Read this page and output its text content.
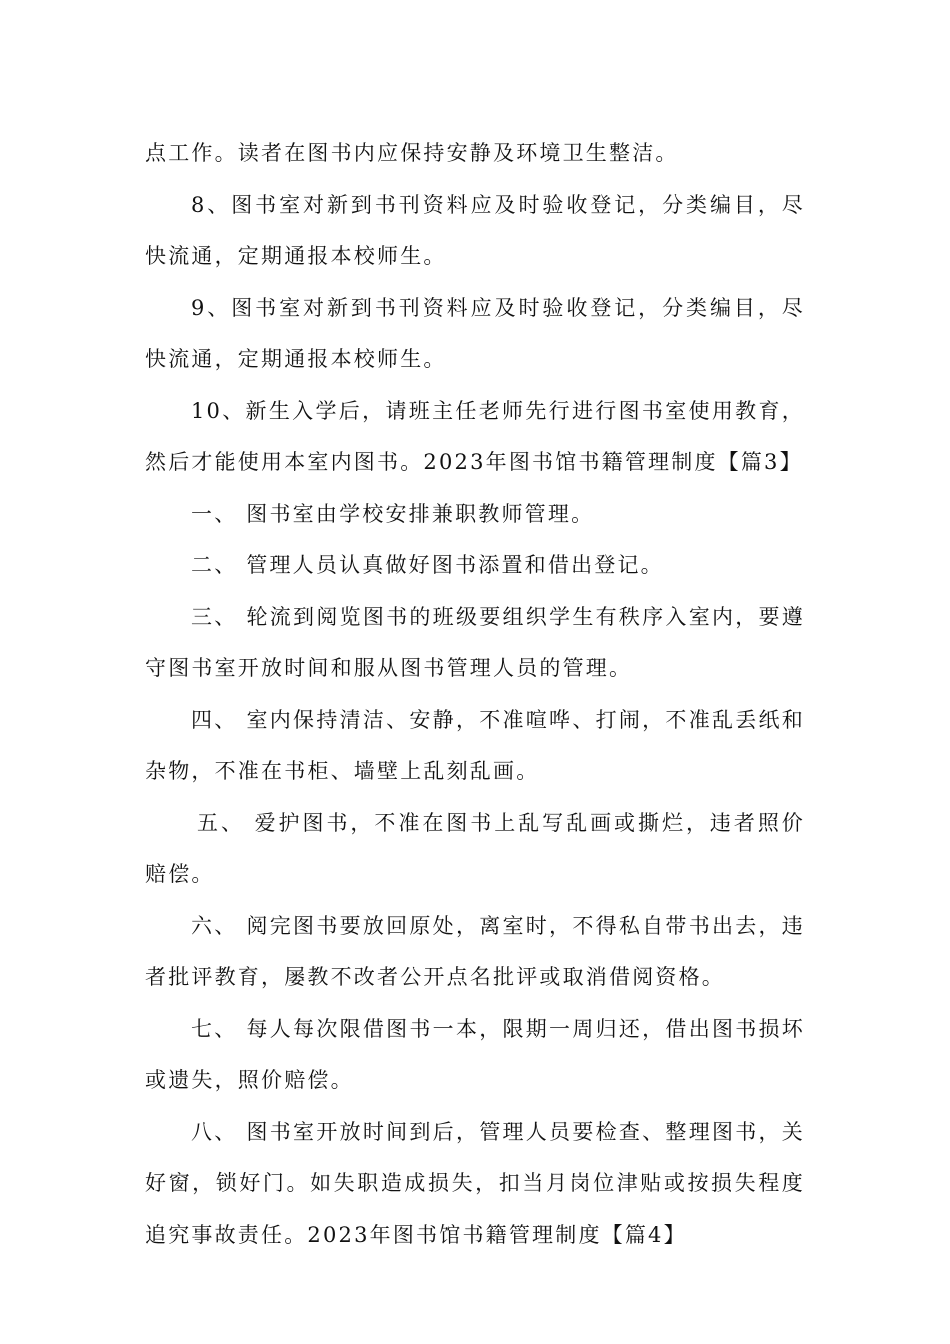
点工作。读者在图书内应保持安静及环境卫生整洁。

8、图书室对新到书刊资料应及时验收登记，分类编目，尽快流通，定期通报本校师生。

9、图书室对新到书刊资料应及时验收登记，分类编目，尽快流通，定期通报本校师生。

10、新生入学后，请班主任老师先行进行图书室使用教育，然后才能使用本室内图书。2023年图书馆书籍管理制度【篇3】

一、 图书室由学校安排兼职教师管理。

二、 管理人员认真做好图书添置和借出登记。

三、 轮流到阅览图书的班级要组织学生有秩序入室内，要遵守图书室开放时间和服从图书管理人员的管理。

四、 室内保持清洁、安静，不准喧哗、打闹，不准乱丢纸和杂物，不准在书柜、墙壁上乱刻乱画。

五、 爱护图书，不准在图书上乱写乱画或撕烂，违者照价赔偿。

六、 阅完图书要放回原处，离室时，不得私自带书出去，违者批评教育，屡教不改者公开点名批评或取消借阅资格。

七、 每人每次限借图书一本，限期一周归还，借出图书损坏或遗失，照价赔偿。

八、 图书室开放时间到后，管理人员要检查、整理图书，关好窗，锁好门。如失职造成损失，扣当月岗位津贴或按损失程度追究事故责任。2023年图书馆书籍管理制度【篇4】
